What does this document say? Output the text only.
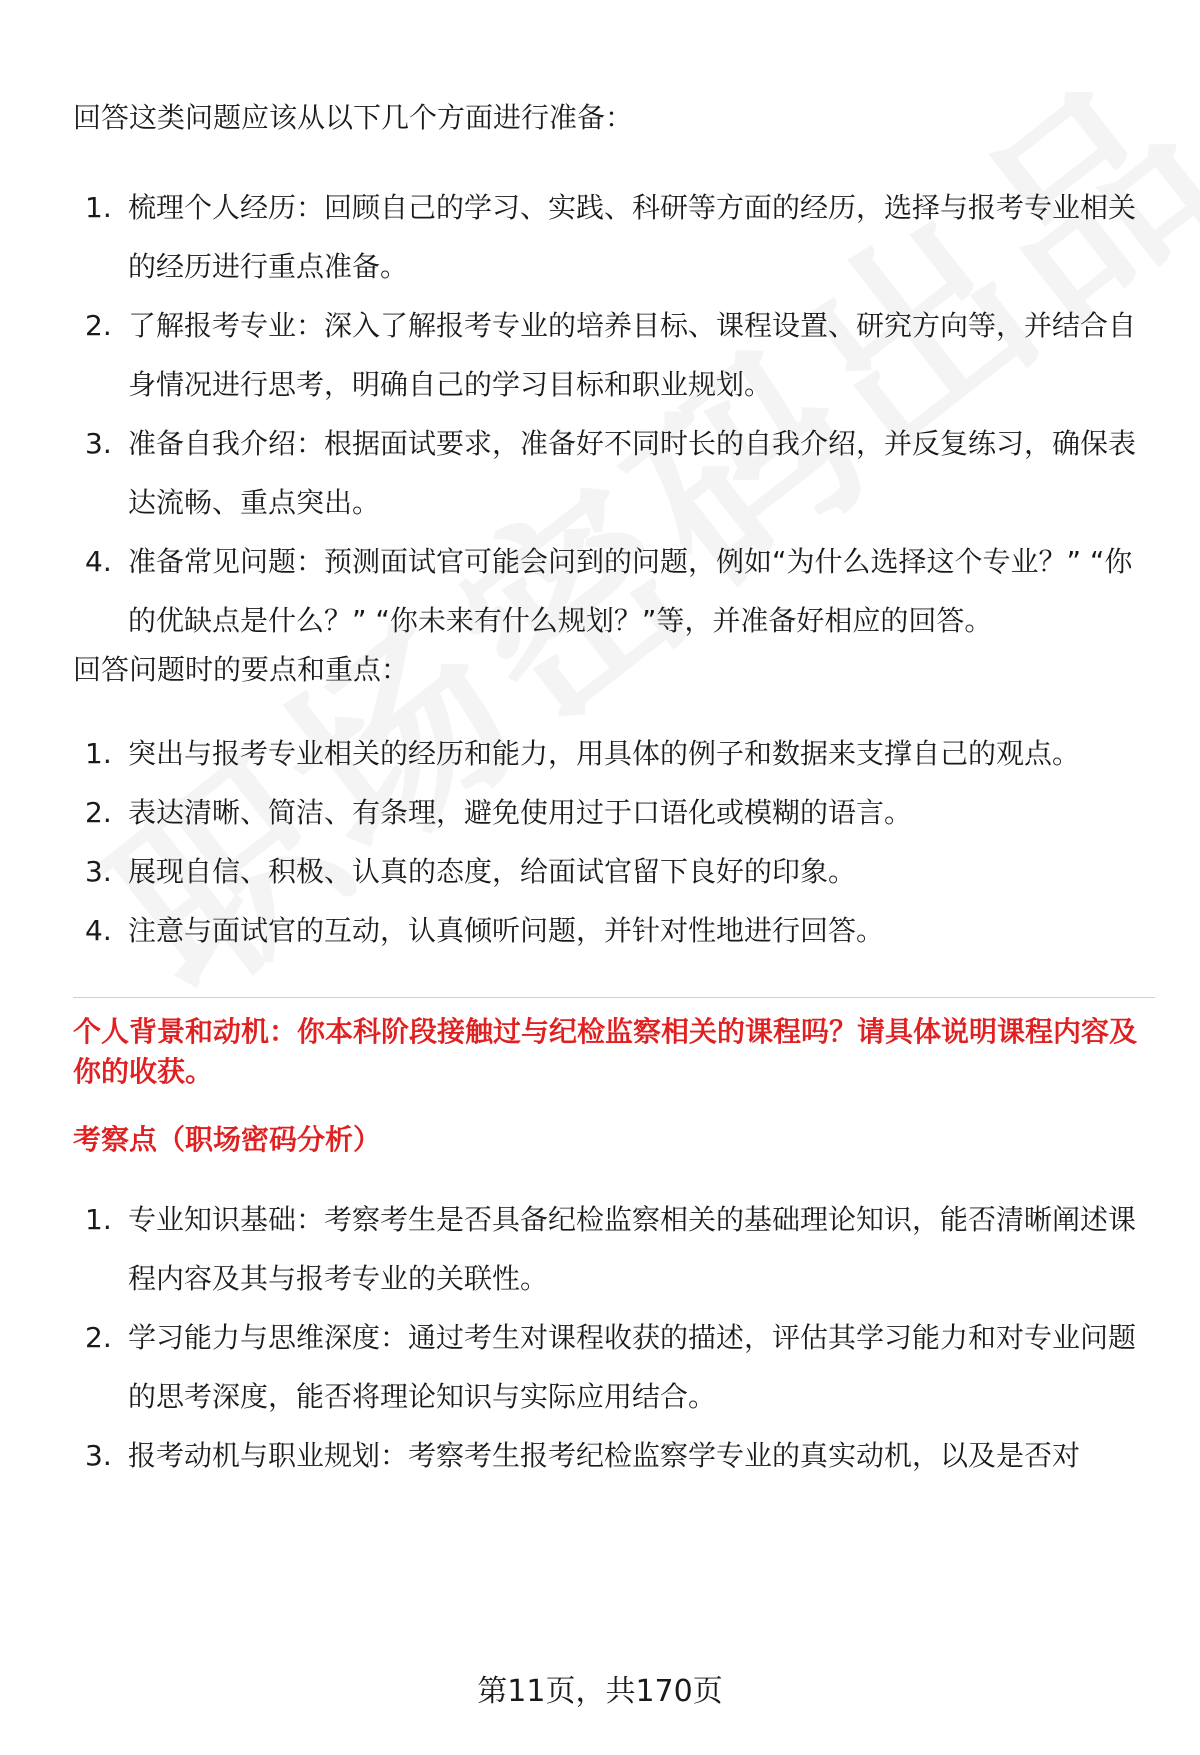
回答这类问题应该从以下几个方面进行准备：

1. 梳理个人经历：回顾自己的学习、实践、科研等方面的经历，选择与报考专业相关的经历进行重点准备。
2. 了解报考专业：深入了解报考专业的培养目标、课程设置、研究方向等，并结合自身情况进行思考，明确自己的学习目标和职业规划。
3. 准备自我介绍：根据面试要求，准备好不同时长的自我介绍，并反复练习，确保表达流畅、重点突出。
4. 准备常见问题：预测面试官可能会问到的问题，例如“为什么选择这个专业？” “你的优缺点是什么？” “你未来有什么规划？”等，并准备好相应的回答。

回答问题时的要点和重点：

1. 突出与报考专业相关的经历和能力，用具体的例子和数据来支撑自己的观点。
2. 表达清晰、简洁、有条理，避免使用过于口语化或模糊的语言。
3. 展现自信、积极、认真的态度，给面试官留下良好的印象。
4. 注意与面试官的互动，认真倾听问题，并针对性地进行回答。

个人背景和动机：你本科阶段接触过与纪检监察相关的课程吗？请具体说明课程内容及你的收获。

考察点（职场密码分析）

1. 专业知识基础：考察考生是否具备纪检监察相关的基础理论知识，能否清晰阐述课程内容及其与报考专业的关联性。
2. 学习能力与思维深度：通过考生对课程收获的描述，评估其学习能力和对专业问题的思考深度，能否将理论知识与实际应用结合。
3. 报考动机与职业规划：考察考生报考纪检监察学专业的真实动机，以及是否对
第11页，共170页
